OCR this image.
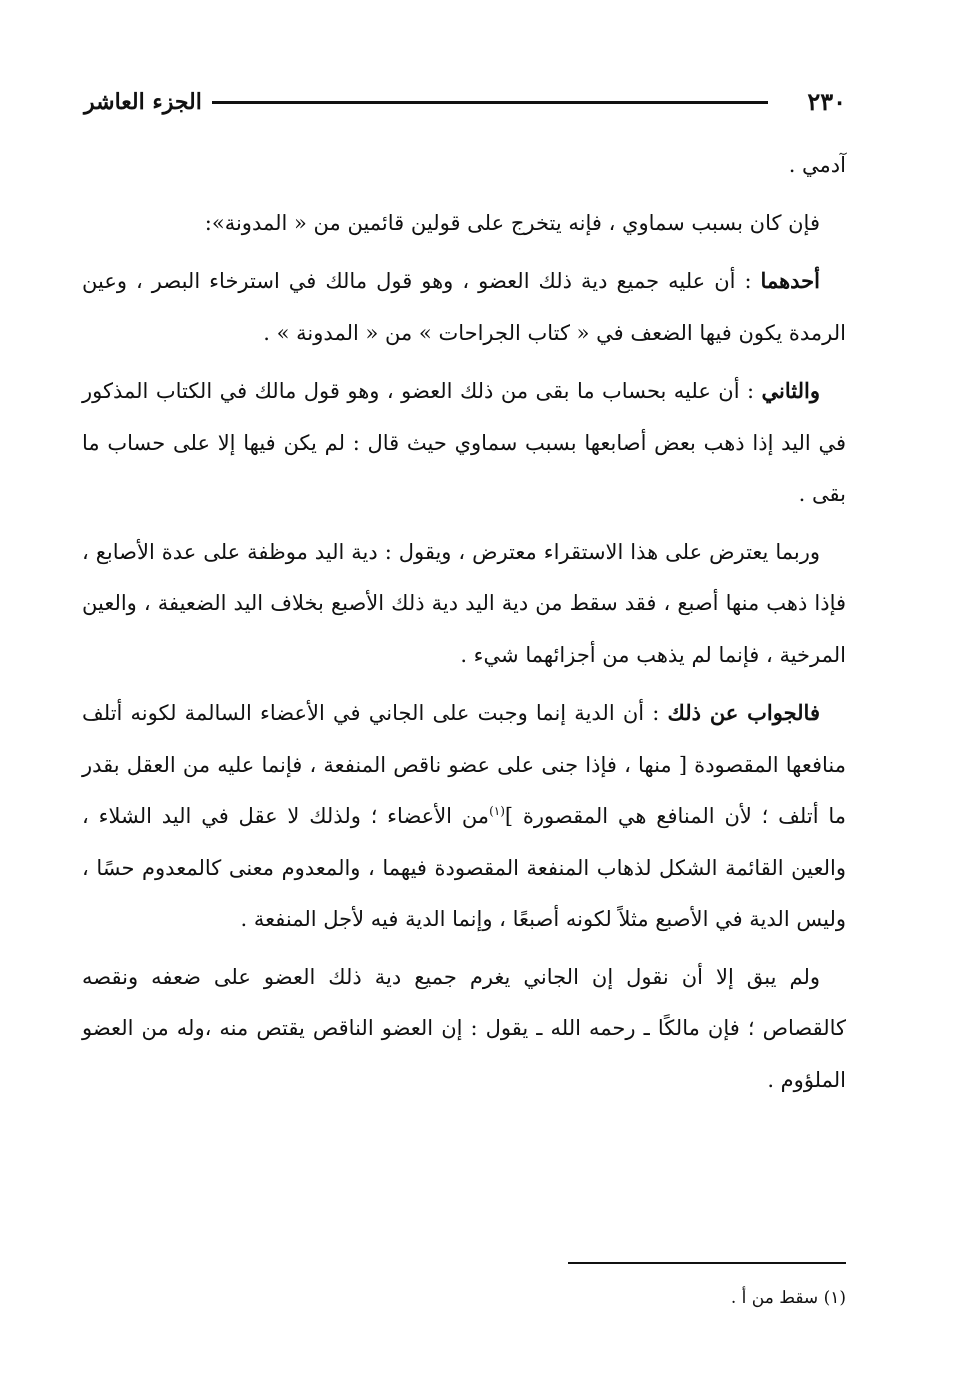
٢٣٠
الجزء العاشر

آدمي .

فإن كان بسبب سماوي ، فإنه يتخرج على قولين قائمين من « المدونة»:

أحدهما : أن عليه جميع دية ذلك العضو ، وهو قول مالك في استرخاء البصر ، وعين الرمدة يكون فيها الضعف في « كتاب الجراحات » من « المدونة » .

والثاني : أن عليه بحساب ما بقى من ذلك العضو ، وهو قول مالك في الكتاب المذكور في اليد إذا ذهب بعض أصابعها بسبب سماوي حيث قال : لم يكن فيها إلا على حساب ما بقى .

وربما يعترض على هذا الاستقراء معترض ، ويقول : دية اليد موظفة على عدة الأصابع ، فإذا ذهب منها أصبع ، فقد سقط من دية اليد دية ذلك الأصبع بخلاف اليد الضعيفة ، والعين المرخية ، فإنما لم يذهب من أجزائهما شيء .

فالجواب عن ذلك : أن الدية إنما وجبت على الجاني في الأعضاء السالمة لكونه أتلف منافعها المقصودة [ منها ، فإذا جنى على عضو ناقص المنفعة ، فإنما عليه من العقل بقدر ما أتلف ؛ لأن المنافع هي المقصورة ]$^{(١)}$من الأعضاء ؛ ولذلك لا عقل في اليد الشلاء ، والعين القائمة الشكل لذهاب المنفعة المقصودة فيهما ، والمعدوم معنى كالمعدوم حسًا ، وليس الدية في الأصبع مثلاً لكونه أصبعًا ، وإنما الدية فيه لأجل المنفعة .

ولم يبق إلا أن نقول إن الجاني يغرم جميع دية ذلك العضو على ضعفه ونقصه كالقصاص ؛ فإن مالكًا ـ رحمه الله ـ يقول : إن العضو الناقص يقتص منه ،وله من العضو الملؤوم .

(١) سقط من أ .
